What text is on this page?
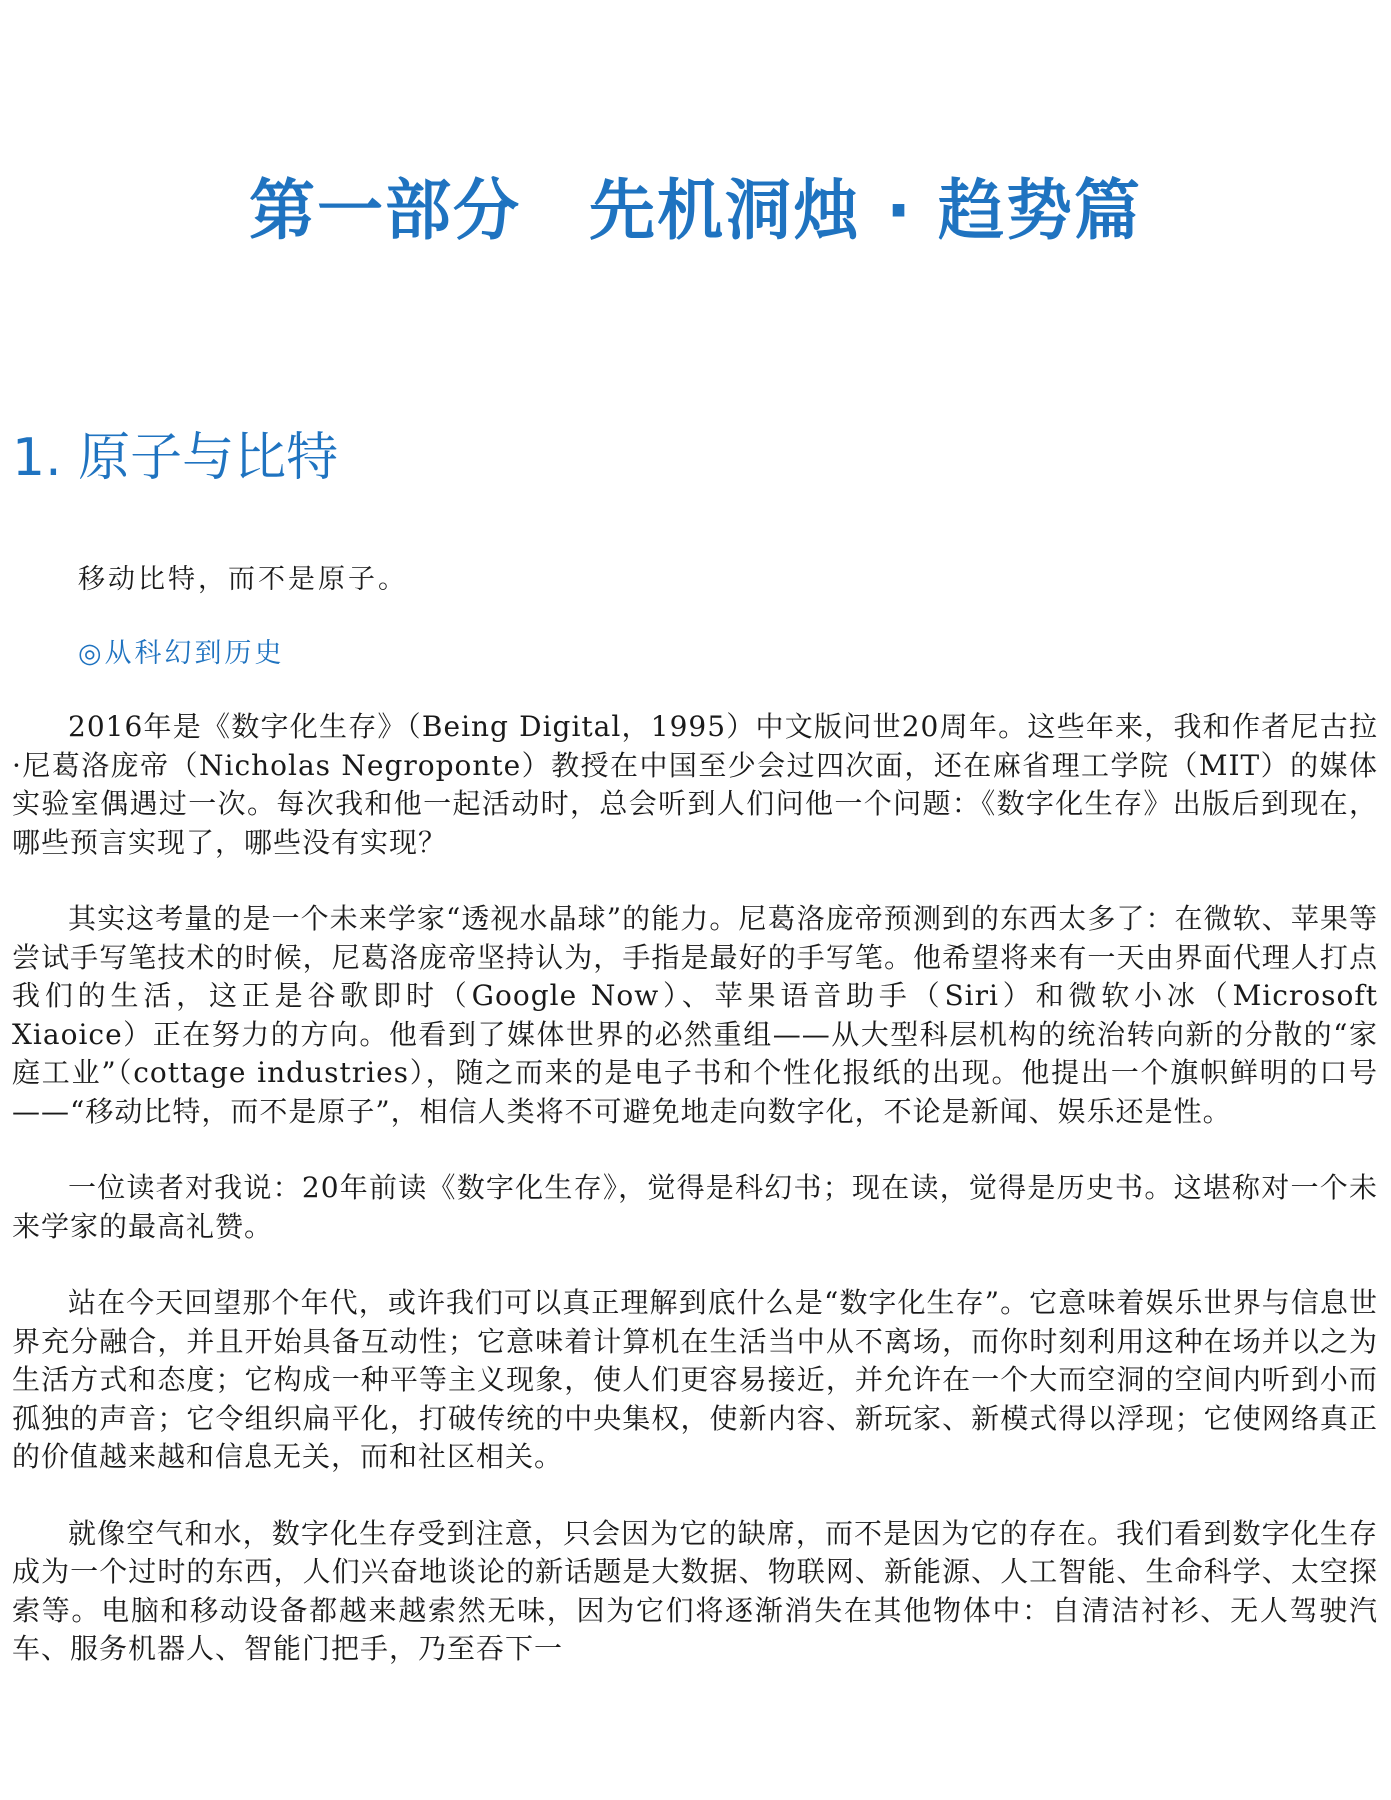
第一部分　先机洞烛 · 趋势篇
1. 原子与比特
移动比特，而不是原子。
◎从科幻到历史

2016年是《数字化生存》（Being Digital，1995）中文版问世20周年。这些年来，我和作者尼古拉·尼葛洛庞帝（Nicholas Negroponte）教授在中国至少会过四次面，还在麻省理工学院（MIT）的媒体实验室偶遇过一次。每次我和他一起活动时，总会听到人们问他一个问题：《数字化生存》出版后到现在，哪些预言实现了，哪些没有实现？

其实这考量的是一个未来学家“透视水晶球”的能力。尼葛洛庞帝预测到的东西太多了：在微软、苹果等尝试手写笔技术的时候，尼葛洛庞帝坚持认为，手指是最好的手写笔。他希望将来有一天由界面代理人打点我们的生活，这正是谷歌即时（Google Now）、苹果语音助手（Siri）和微软小冰（Microsoft Xiaoice）正在努力的方向。他看到了媒体世界的必然重组——从大型科层机构的统治转向新的分散的“家庭工业”（cottage industries），随之而来的是电子书和个性化报纸的出现。他提出一个旗帜鲜明的口号——“移动比特，而不是原子”，相信人类将不可避免地走向数字化，不论是新闻、娱乐还是性。

一位读者对我说：20年前读《数字化生存》，觉得是科幻书；现在读，觉得是历史书。这堪称对一个未来学家的最高礼赞。

站在今天回望那个年代，或许我们可以真正理解到底什么是“数字化生存”。它意味着娱乐世界与信息世界充分融合，并且开始具备互动性；它意味着计算机在生活当中从不离场，而你时刻利用这种在场并以之为生活方式和态度；它构成一种平等主义现象，使人们更容易接近，并允许在一个大而空洞的空间内听到小而孤独的声音；它令组织扁平化，打破传统的中央集权，使新内容、新玩家、新模式得以浮现；它使网络真正的价值越来越和信息无关，而和社区相关。

就像空气和水，数字化生存受到注意，只会因为它的缺席，而不是因为它的存在。我们看到数字化生存成为一个过时的东西，人们兴奋地谈论的新话题是大数据、物联网、新能源、人工智能、生命科学、太空探索等。电脑和移动设备都越来越索然无味，因为它们将逐渐消失在其他物体中：自清洁衬衫、无人驾驶汽车、服务机器人、智能门把手，乃至吞下一
